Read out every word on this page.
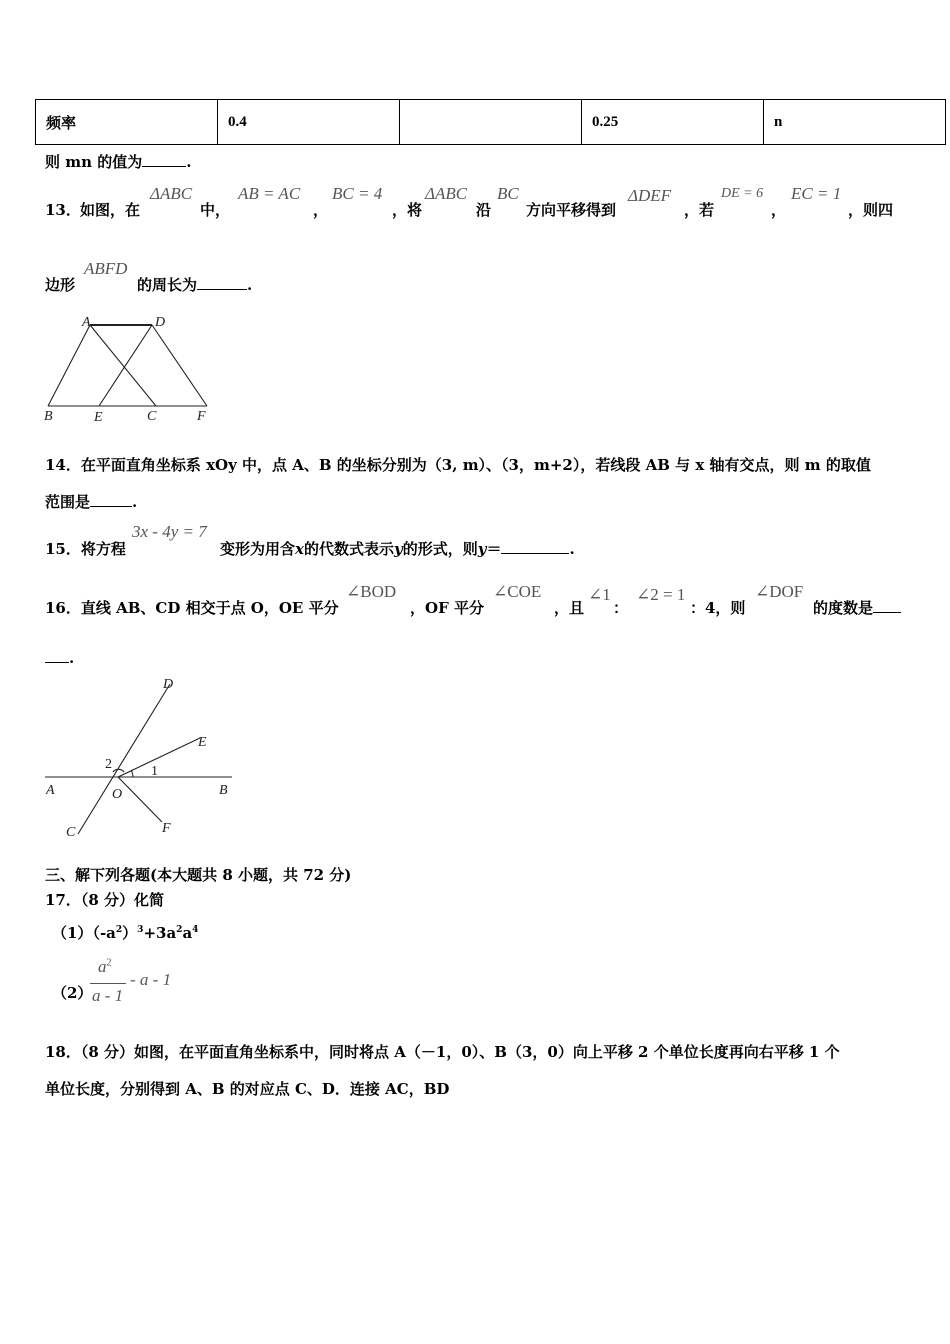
频率	0.4		0.25	n
则 mn 的值为	.
13． 如图，在
ΔABC
中，
AB = AC
，
BC = 4
，将
ΔABC
沿
BC
方向平移得到
ΔDEF
，若
DE = 6
，
EC = 1
，则四
边形
ABFD
的周长为	.
A	D
B	E	C	F
14．在平面直角坐标系 xOy 中，点 A、B 的坐标分别为（3, m）、（3，m+2），若线段 AB 与 x 轴有交点，则 m 的取值
范围是	.
15．将方程
3x - 4y = 7
变形为用含x的代数式表示y的形式，则y＝	.
16．直线 AB、CD 相交于点 O，OE 平分
∠BOD
，OF 平分
∠COE
，且
∠1
：
∠2 = 1
：4，则
∠DOF
的度数是
.
D
E
A	O	B
C	F
2	1
三、解下列各题(本大题共 8 小题，共 72 分)
17．（8 分）化简
$(1)(-a^2)^3+3a^2a^4$
（2）
$a^2$
a - 1
- a - 1
18．（8 分）如图，在平面直角坐标系中，同时将点 A（－1，0）、B（3，0）向上平移 2 个单位长度再向右平移 1 个
单位长度，分别得到 A、B 的对应点 C、D．连接 AC，BD
